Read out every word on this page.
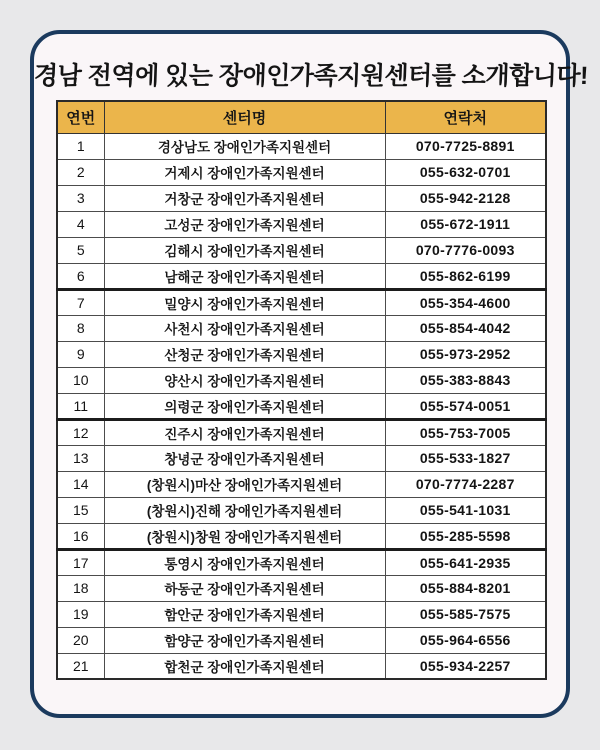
경남 전역에 있는 장애인가족지원센터를 소개합니다!
연번	센터명	연락처
1	경상남도 장애인가족지원센터	070-7725-8891
2	거제시 장애인가족지원센터	055-632-0701
3	거창군 장애인가족지원센터	055-942-2128
4	고성군 장애인가족지원센터	055-672-1911
5	김해시 장애인가족지원센터	070-7776-0093
6	남해군 장애인가족지원센터	055-862-6199
7	밀양시 장애인가족지원센터	055-354-4600
8	사천시 장애인가족지원센터	055-854-4042
9	산청군 장애인가족지원센터	055-973-2952
10	양산시 장애인가족지원센터	055-383-8843
11	의령군 장애인가족지원센터	055-574-0051
12	진주시 장애인가족지원센터	055-753-7005
13	창녕군 장애인가족지원센터	055-533-1827
14	(창원시)마산 장애인가족지원센터	070-7774-2287
15	(창원시)진해 장애인가족지원센터	055-541-1031
16	(창원시)창원 장애인가족지원센터	055-285-5598
17	통영시 장애인가족지원센터	055-641-2935
18	하동군 장애인가족지원센터	055-884-8201
19	함안군 장애인가족지원센터	055-585-7575
20	함양군 장애인가족지원센터	055-964-6556
21	합천군 장애인가족지원센터	055-934-2257
